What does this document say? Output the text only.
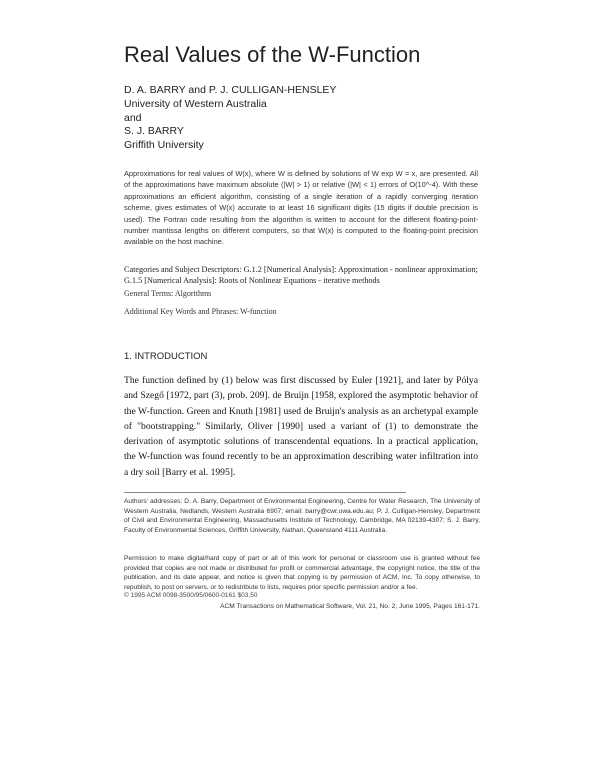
Real Values of the W-Function
D. A. BARRY and P. J. CULLIGAN-HENSLEY
University of Western Australia
and
S. J. BARRY
Griffith University
Approximations for real values of W(x), where W is defined by solutions of W exp W = x, are presented. All of the approximations have maximum absolute (|W| > 1) or relative (|W| < 1) errors of O(10^-4). With these approximations an efficient algorithm, consisting of a single iteration of a rapidly converging iteration scheme, gives estimates of W(x) accurate to at least 16 significant digits (15 digits if double precision is used). The Fortran code resulting from the algorithm is written to account for the different floating-point-number mantissa lengths on different computers, so that W(x) is computed to the floating-point precision available on the host machine.
Categories and Subject Descriptors: G.1.2 [Numerical Analysis]: Approximation - nonlinear approximation; G.1.5 [Numerical Analysis]: Roots of Nonlinear Equations - iterative methods
General Terms: Algorithms
Additional Key Words and Phrases: W-function
1. INTRODUCTION
The function defined by (1) below was first discussed by Euler [1921], and later by Pólya and Szegő [1972, part (3), prob. 209]. de Bruijn [1958, explored the asymptotic behavior of the W-function. Green and Knuth [1981] used de Bruijn's analysis as an archetypal example of "bootstrapping." Similarly, Oliver [1990] used a variant of (1) to demonstrate the derivation of asymptotic solutions of transcendental equations. In a practical application, the W-function was found recently to be an approximation describing water infiltration into a dry soil [Barry et al. 1995].
Authors' addresses: D. A. Barry, Department of Environmental Engineering, Centre for Water Research, The University of Western Australia, Nedlands, Western Australia 6907; email: barry@cwr.uwa.edu.au; P. J. Culligan-Hensley, Department of Civil and Environmental Engineering, Massachusetts Institute of Technology, Cambridge, MA 02139-4307; S. J. Barry, Faculty of Environmental Sciences, Griffith University, Nathan, Queensland 4111 Australia.
Permission to make digital/hard copy of part or all of this work for personal or classroom use is granted without fee provided that copies are not made or distributed for profit or commercial advantage, the copyright notice, the title of the publication, and its date appear, and notice is given that copying is by permission of ACM, Inc. To copy otherwise, to republish, to post on servers, or to redistribute to lists, requires prior specific permission and/or a fee.
© 1995 ACM 0098-3500/95/0600-0161 $03.50
ACM Transactions on Mathematical Software, Vol. 21, No. 2, June 1995, Pages 161-171.
